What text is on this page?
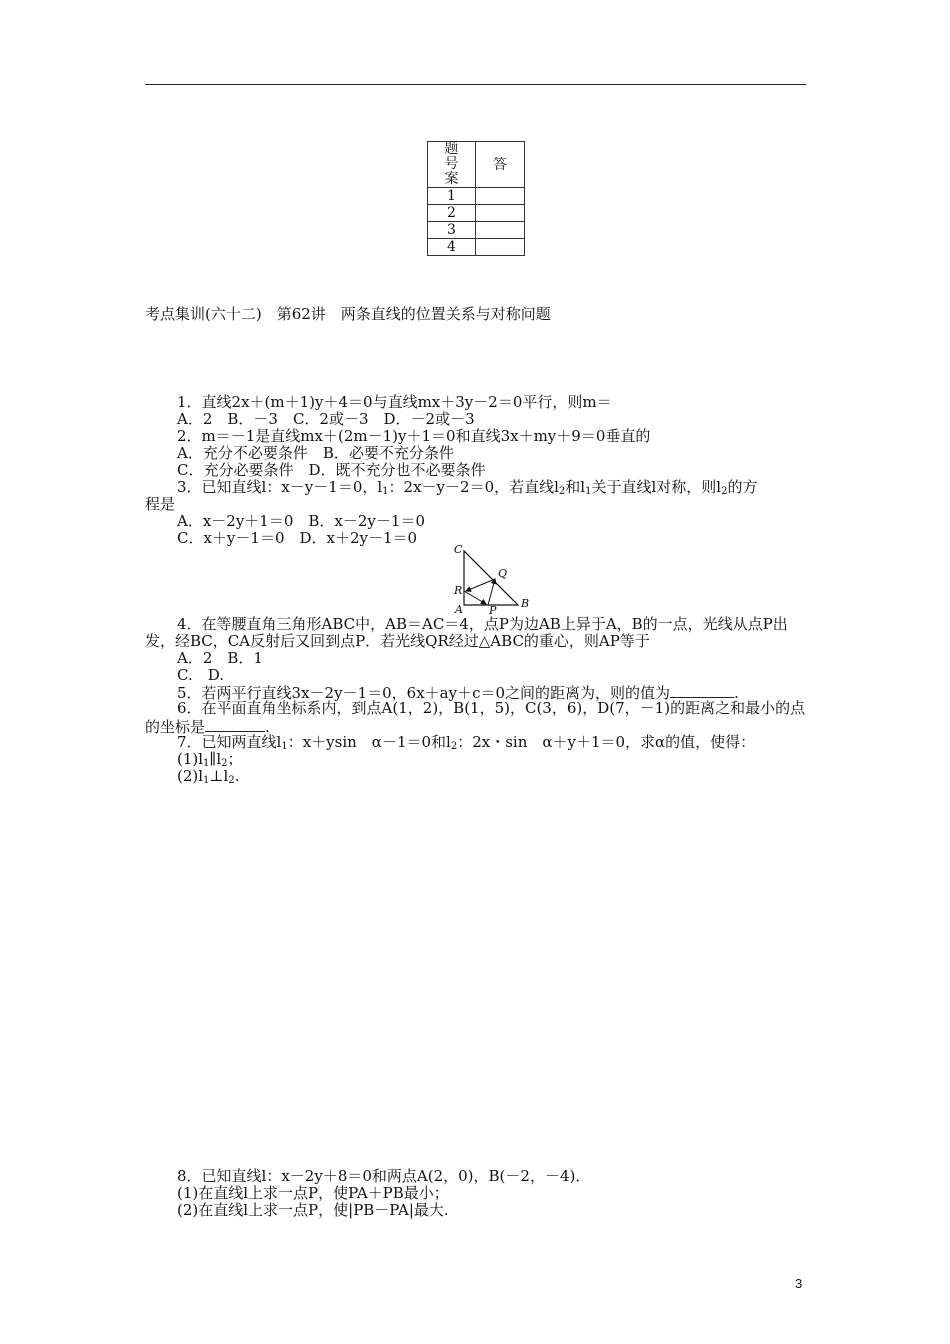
题
号
案	答
1	
2	
3	
4	
考点集训(六十二)　第62讲　两条直线的位置关系与对称问题
1．直线2x＋(m＋1)y＋4＝0与直线mx＋3y－2＝0平行，则m＝
A．2　B．－3　C．2或－3　D．－2或－3
2．m＝－1是直线mx＋(2m－1)y＋1＝0和直线3x＋my＋9＝0垂直的
A．充分不必要条件　B．必要不充分条件
C．充分必要条件　D．既不充分也不必要条件
3．已知直线l：x－y－1＝0，$l_1$：2x－y－2＝0，若直线$l_2$和$l_1$关于直线l对称，则$l_2$的方
程是
A．x－2y＋1＝0　B．x－2y－1＝0
C．x＋y－1＝0　D．x＋2y－1＝0
C
Q
R
A P
B
4．在等腰直角三角形ABC中，AB＝AC＝4，点P为边AB上异于A，B的一点，光线从点P出
发，经BC，CA反射后又回到点P．若光线QR经过△ABC的重心，则AP等于
A．2　B．1
C.　D.
5．若两平行直线3x－2y－1＝0，6x＋ay＋c＝0之间的距离为，则的值为	.
6．在平面直角坐标系内，到点A(1，2)，B(1，5)，C(3，6)，D(7，－1)的距离之和最小的点
的坐标是	.
7．已知两直线$l_1$：x＋ysin　α－1＝0和$l_2$：2x・sin　α＋y＋1＝0，求α的值，使得：
$(1)l_1\parallel l_2$；
$(2)l_1\perp l_2$.
8．已知直线l：x－2y＋8＝0和两点A(2，0)，B(－2，－4)．
(1)在直线l上求一点P，使PA＋PB最小；
(2)在直线l上求一点P，使|PB－PA|最大.
3
